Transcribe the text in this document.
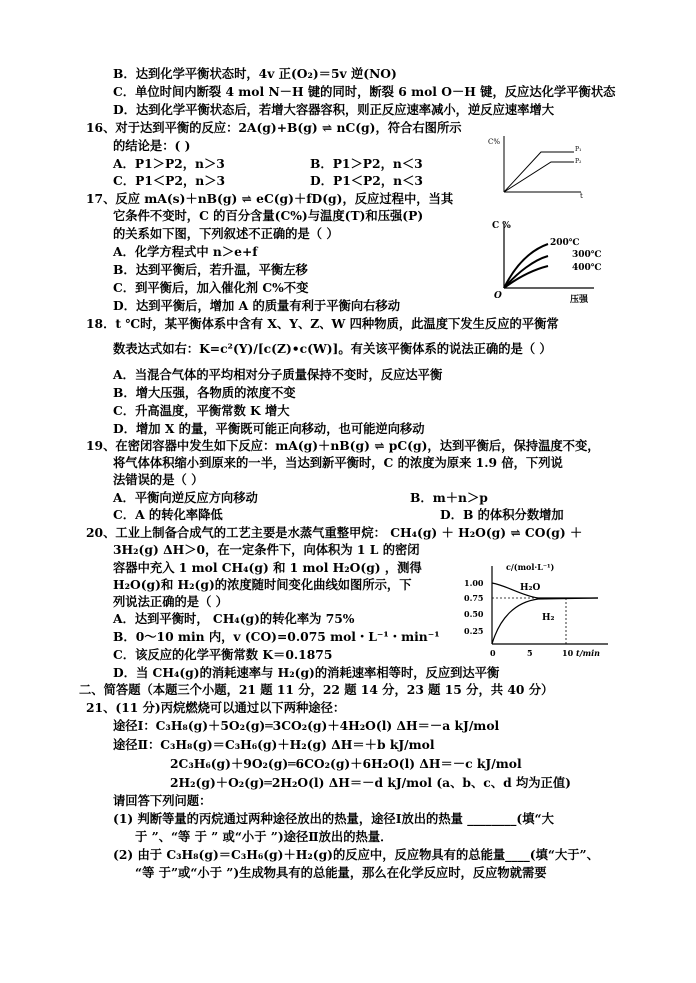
B．达到化学平衡状态时，4v 正(O₂)＝5v 逆(NO)
C．单位时间内断裂 4 mol N－H 键的同时，断裂 6 mol O－H 键，反应达化学平衡状态
D．达到化学平衡状态后，若增大容器容积，则正反应速率减小，逆反应速率增大
16、对于达到平衡的反应：2A(g)+B(g) ⇌ nC(g)，符合右图所示
的结论是：( )
A．P1＞P2，n＞3	B．P1＞P2，n＜3
C．P1＜P2，n＞3	D．P1＜P2，n＜3
17、反应 mA(s)＋nB(g) ⇌ eC(g)＋fD(g)，反应过程中，当其
它条件不变时，C 的百分含量(C%)与温度(T)和压强(P)
的关系如下图，下列叙述不正确的是（ ）
A．化学方程式中 n＞e+f
B．达到平衡后，若升温，平衡左移
C．到平衡后，加入催化剂 C%不变
D．达到平衡后，增加 A 的质量有利于平衡向右移动
18．t ℃时，某平衡体系中含有 X、Y、Z、W 四种物质，此温度下发生反应的平衡常
数表达式如右：K=c²(Y)/[c(Z)•c(W)]。有关该平衡体系的说法正确的是（ ）
A．当混合气体的平均相对分子质量保持不变时，反应达平衡
B．增大压强，各物质的浓度不变
C．升高温度，平衡常数 K 增大
D．增加 X 的量，平衡既可能正向移动，也可能逆向移动
19、在密闭容器中发生如下反应：mA(g)＋nB(g) ⇌ pC(g)，达到平衡后，保持温度不变，
将气体体积缩小到原来的一半，当达到新平衡时，C 的浓度为原来 1.9 倍，下列说
法错误的是（ ）
A．平衡向逆反应方向移动	B．m＋n＞p
C．A 的转化率降低	D．B 的体积分数增加
20、工业上制备合成气的工艺主要是水蒸气重整甲烷： CH₄(g) ＋ H₂O(g) ⇌ CO(g) ＋
3H₂(g) ΔH＞0，在一定条件下，向体积为 1 L 的密闭
容器中充入 1 mol CH₄(g) 和 1 mol H₂O(g) ，测得
H₂O(g)和 H₂(g)的浓度随时间变化曲线如图所示，下
列说法正确的是（ ）
A．达到平衡时， CH₄(g)的转化率为 75%
B．0～10 min 内，v (CO)=0.075 mol・L⁻¹・min⁻¹
C．该反应的化学平衡常数 K＝0.1875
D．当 CH₄(g)的消耗速率与 H₂(g)的消耗速率相等时，反应到达平衡
二、简答题（本题三个小题，21 题 11 分，22 题 14 分，23 题 15 分，共 40 分）
21、(11 分)丙烷燃烧可以通过以下两种途径：
途径Ⅰ：C₃H₈(g)＋5O₂(g)═3CO₂(g)＋4H₂O(l) ΔH＝－a kJ/mol
途径Ⅱ：C₃H₈(g)＝C₃H₆(g)＋H₂(g) ΔH＝＋b kJ/mol
2C₃H₆(g)＋9O₂(g)═6CO₂(g)＋6H₂O(l) ΔH＝－c kJ/mol
2H₂(g)＋O₂(g)═2H₂O(l) ΔH＝－d kJ/mol (a、b、c、d 均为正值)
请回答下列问题：
(1) 判断等量的丙烷通过两种途径放出的热量，途径Ⅰ放出的热量 ________(填“大
于 ”、“等 于 ” 或“小于 ”)途径Ⅱ放出的热量．
(2) 由于 C₃H₈(g)＝C₃H₆(g)＋H₂(g)的反应中，反应物具有的总能量____(填“大于”、
“等 于”或“小于 ”)生成物具有的总能量，那么在化学反应时，反应物就需要
C%
t
P₁
P₂
C %
压强
O
200℃
300℃
400℃
c/(mol·L⁻¹)
1.00
0.75
0.50
0.25
0	5	10 t/min
H₂O
H₂
